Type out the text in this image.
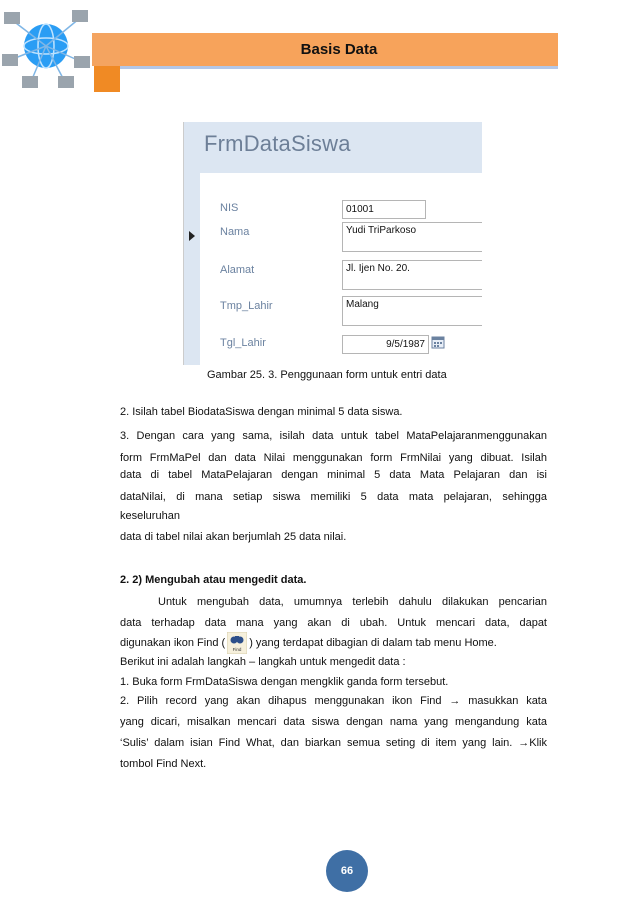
Basis Data
FrmDataSiswa
NIS	01001
Nama	Yudi TriParkoso
Alamat	Jl. Ijen No. 20.
Tmp_Lahir	Malang
Tgl_Lahir	9/5/1987
Gambar 25. 3. Penggunaan form untuk entri data
2. Isilah tabel BiodataSiswa dengan minimal 5 data siswa.
3. Dengan cara yang sama, isilah data untuk tabel MataPelajaranmenggunakan
form FrmMaPel dan data Nilai menggunakan form FrmNilai yang dibuat. Isilah
data di tabel MataPelajaran dengan minimal 5 data Mata Pelajaran dan isi
dataNilai, di mana setiap siswa memiliki 5 data mata pelajaran, sehingga
keseluruhan
data di tabel nilai akan berjumlah 25 data nilai.
2. 2) Mengubah atau mengedit data.
Untuk mengubah data, umumnya terlebih dahulu dilakukan pencarian
data terhadap data mana yang akan di ubah. Untuk mencari data, dapat
digunakan ikon Find (
Find
) yang terdapat dibagian di dalam tab menu Home.
Berikut ini adalah langkah – langkah untuk mengedit data :
1. Buka form FrmDataSiswa dengan mengklik ganda form tersebut.
2. Pilih record yang akan dihapus menggunakan ikon Find → masukkan kata
yang dicari, misalkan mencari data siswa dengan nama yang mengandung kata
‘Sulis’ dalam isian Find What, dan biarkan semua seting di item yang lain. →Klik
tombol Find Next.
66
